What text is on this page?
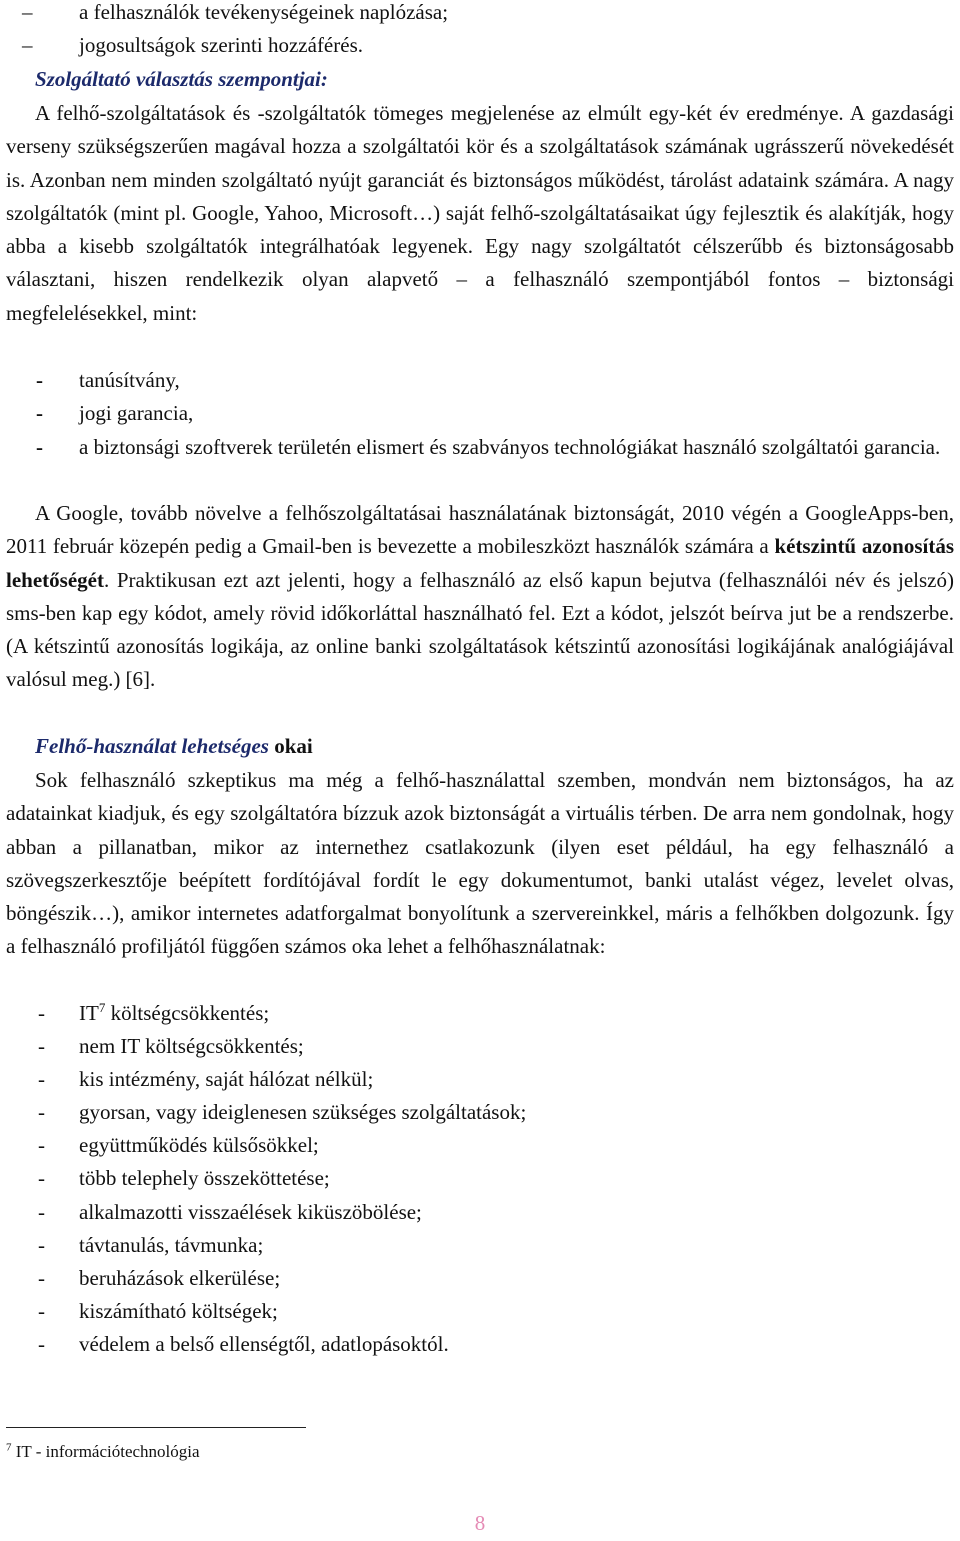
– a felhasználók tevékenységeinek naplózása;
– jogosultságok szerinti hozzáférés.
Szolgáltató választás szempontjai:
A felhő-szolgáltatások és -szolgáltatók tömeges megjelenése az elmúlt egy-két év eredménye. A gazdasági verseny szükségszerűen magával hozza a szolgáltatói kör és a szolgáltatások számának ugrásszerű növekedését is. Azonban nem minden szolgáltató nyújt garanciát és biztonságos működést, tárolást adataink számára. A nagy szolgáltatók (mint pl. Google, Yahoo, Microsoft…) saját felhő-szolgáltatásaikat úgy fejlesztik és alakítják, hogy abba a kisebb szolgáltatók integrálhatóak legyenek. Egy nagy szolgáltatót célszerűbb és biztonságosabb választani, hiszen rendelkezik olyan alapvető – a felhasználó szempontjából fontos – biztonsági megfelelésekkel, mint:
- tanúsítvány,
- jogi garancia,
- a biztonsági szoftverek területén elismert és szabványos technológiákat használó szolgáltatói garancia.
A Google, tovább növelve a felhőszolgáltatásai használatának biztonságát, 2010 végén a GoogleApps-ben, 2011 február közepén pedig a Gmail-ben is bevezette a mobileszközt használók számára a kétszintű azonosítás lehetőségét. Praktikusan ezt azt jelenti, hogy a felhasználó az első kapun bejutva (felhasználói név és jelszó) sms-ben kap egy kódot, amely rövid időkorláttal használható fel. Ezt a kódot, jelszót beírva jut be a rendszerbe. (A kétszintű azonosítás logikája, az online banki szolgáltatások kétszintű azonosítási logikájának analógiájával valósul meg.) [6].
Felhő-használat lehetséges okai
Sok felhasználó szkeptikus ma még a felhő-használattal szemben, mondván nem biztonságos, ha az adatainkat kiadjuk, és egy szolgáltatóra bízzuk azok biztonságát a virtuális térben. De arra nem gondolnak, hogy abban a pillanatban, mikor az internethez csatlakozunk (ilyen eset például, ha egy felhasználó a szövegszerkesztője beépített fordítójával fordít le egy dokumentumot, banki utalást végez, levelet olvas, böngészik…), amikor internetes adatforgalmat bonyolítunk a szervereinkkel, máris a felhőkben dolgozunk. Így a felhasználó profiljától függően számos oka lehet a felhőhasználatnak:
- $IT^7$ költségcsökkentés;
- nem IT költségcsökkentés;
- kis intézmény, saját hálózat nélkül;
- gyorsan, vagy ideiglenesen szükséges szolgáltatások;
- együttműködés külsősökkel;
- több telephely összeköttetése;
- alkalmazotti visszaélések kiküszöbölése;
- távtanulás, távmunka;
- beruházások elkerülése;
- kiszámítható költségek;
- védelem a belső ellenségtől, adatlopásoktól.
$^7$ IT - információtechnológia
8
